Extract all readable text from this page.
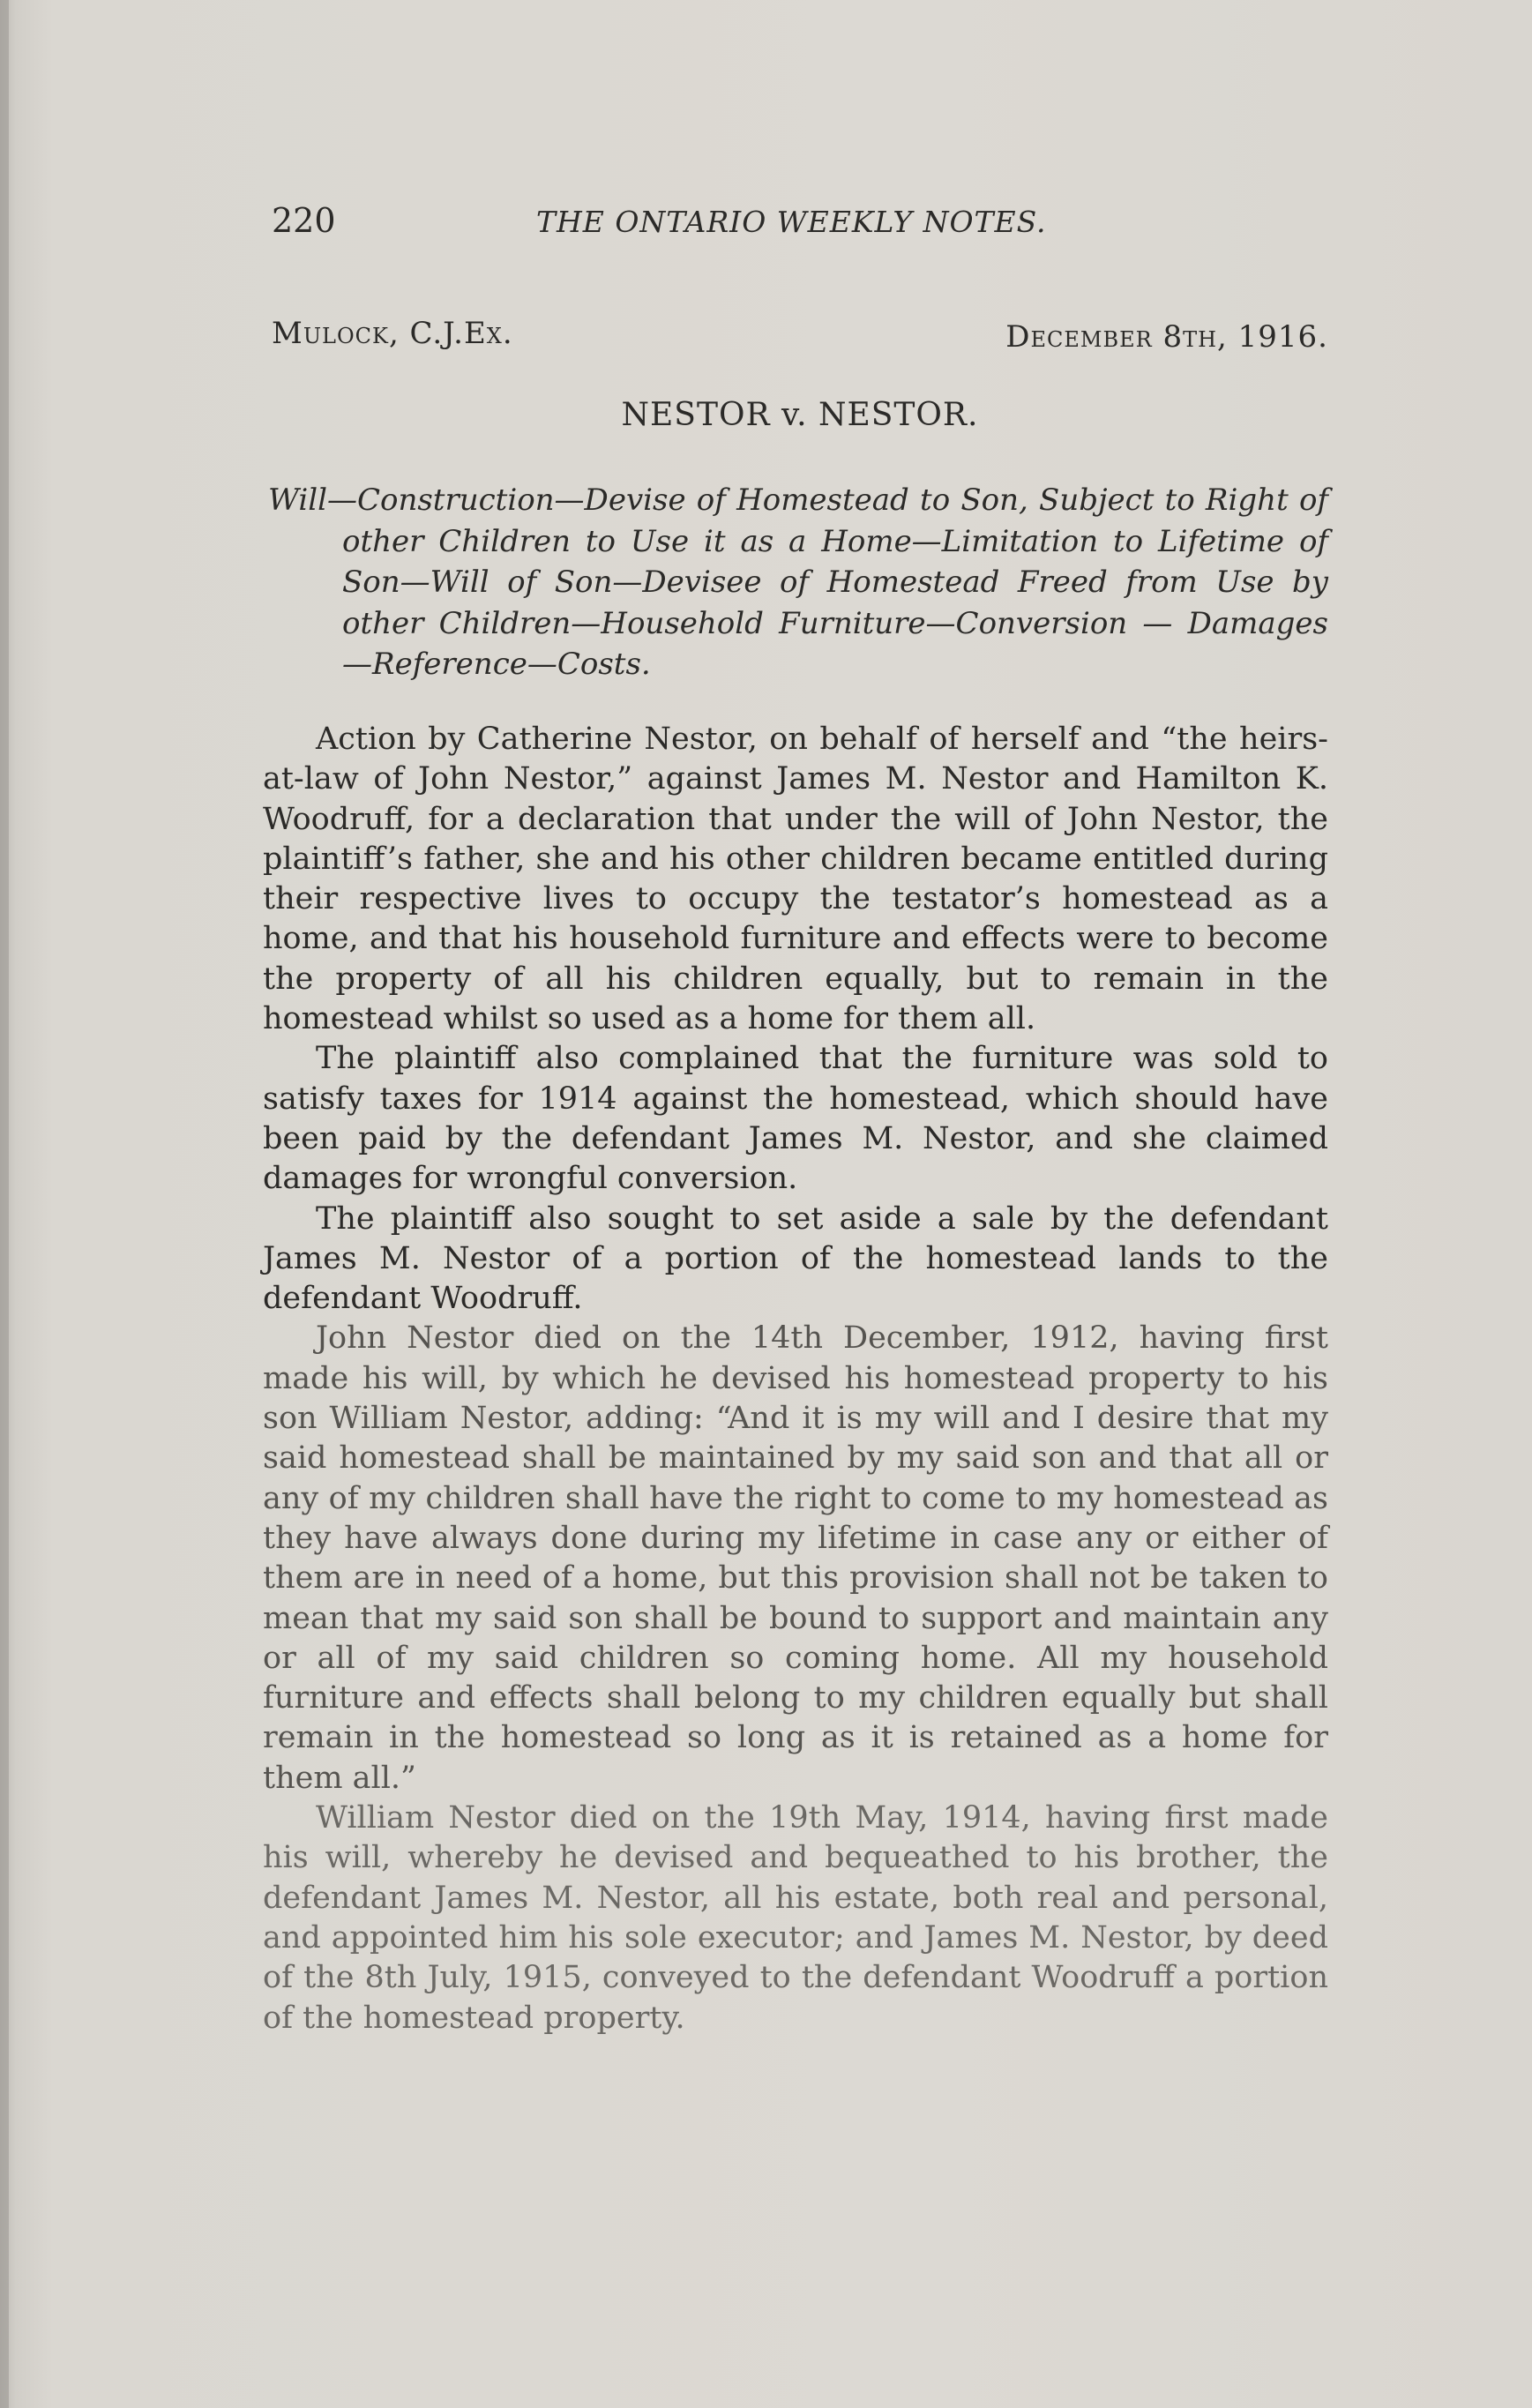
220	THE ONTARIO WEEKLY NOTES.
Mulock, C.J.Ex.	December 8th, 1916.
NESTOR v. NESTOR.
Will—Construction—Devise of Homestead to Son, Subject to Right of other Children to Use it as a Home—Limitation to Lifetime of Son—Will of Son—Devisee of Homestead Freed from Use by other Children—Household Furniture—Conversion — Damages—Reference—Costs.

Action by Catherine Nestor, on behalf of herself and “the heirs-at-law of John Nestor,” against James M. Nestor and Hamilton K. Woodruff, for a declaration that under the will of John Nestor, the plaintiff’s father, she and his other children became entitled during their respective lives to occupy the testator’s homestead as a home, and that his household furniture and effects were to become the property of all his children equally, but to remain in the homestead whilst so used as a home for them all.

The plaintiff also complained that the furniture was sold to satisfy taxes for 1914 against the homestead, which should have been paid by the defendant James M. Nestor, and she claimed damages for wrongful conversion.

The plaintiff also sought to set aside a sale by the defendant James M. Nestor of a portion of the homestead lands to the defendant Woodruff.

John Nestor died on the 14th December, 1912, having first made his will, by which he devised his homestead property to his son William Nestor, adding: “And it is my will and I desire that my said homestead shall be maintained by my said son and that all or any of my children shall have the right to come to my homestead as they have always done during my lifetime in case any or either of them are in need of a home, but this provision shall not be taken to mean that my said son shall be bound to support and maintain any or all of my said children so coming home. All my household furniture and effects shall belong to my children equally but shall remain in the homestead so long as it is retained as a home for them all.”

William Nestor died on the 19th May, 1914, having first made his will, whereby he devised and bequeathed to his brother, the defendant James M. Nestor, all his estate, both real and personal, and appointed him his sole executor; and James M. Nestor, by deed of the 8th July, 1915, conveyed to the defendant Woodruff a portion of the homestead property.
